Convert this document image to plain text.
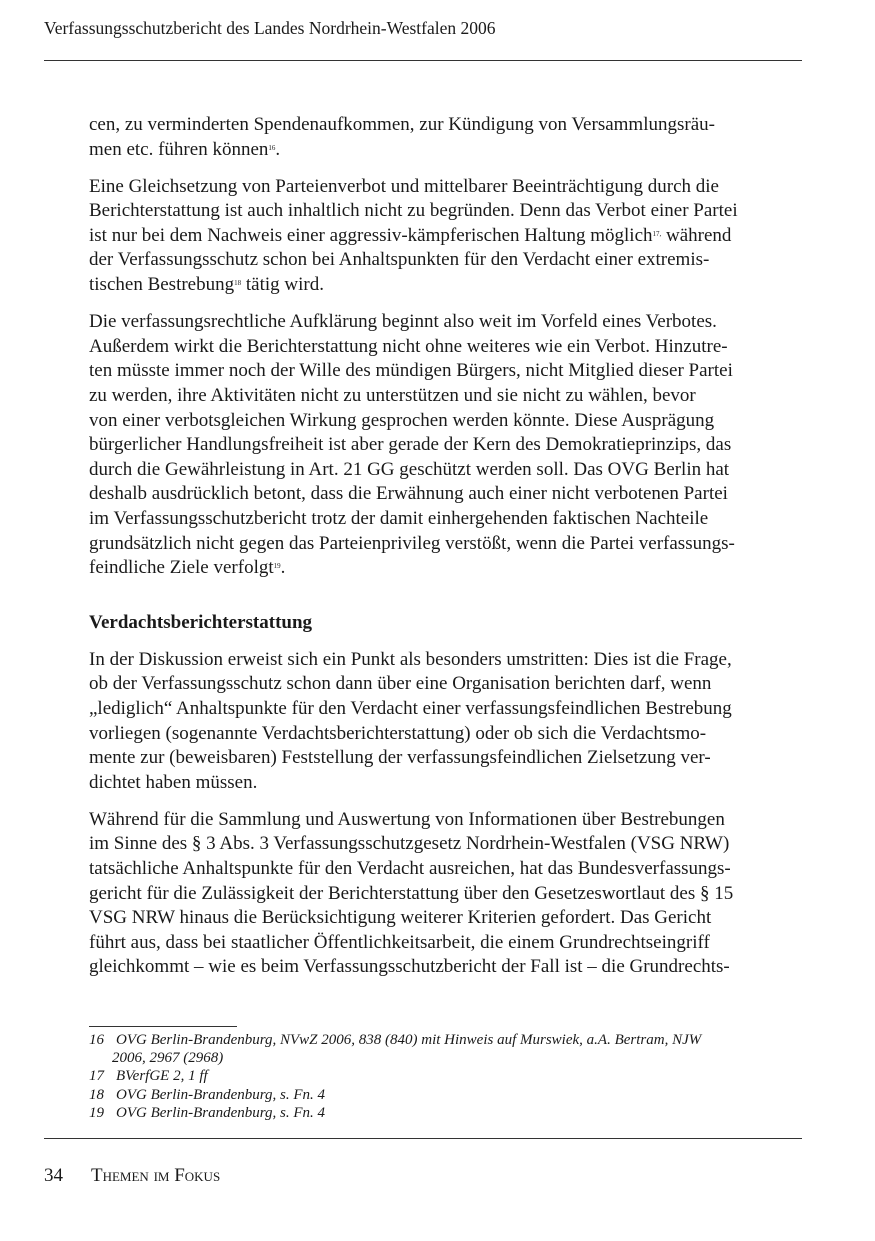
Verfassungsschutzbericht des Landes Nordrhein-Westfalen 2006

cen, zu verminderten Spendenaufkommen, zur Kündigung von Versammlungsräu-
men etc. führen können$^{16}$.

Eine Gleichsetzung von Parteienverbot und mittelbarer Beeinträchtigung durch die
Berichterstattung ist auch inhaltlich nicht zu begründen. Denn das Verbot einer Partei
ist nur bei dem Nachweis einer aggressiv-kämpferischen Haltung möglich$^{17,}$ während
der Verfassungsschutz schon bei Anhaltspunkten für den Verdacht einer extremis-
tischen Bestrebung$^{18}$ tätig wird.

Die verfassungsrechtliche Aufklärung beginnt also weit im Vorfeld eines Verbotes.
Außerdem wirkt die Berichterstattung nicht ohne weiteres wie ein Verbot. Hinzutre-
ten müsste immer noch der Wille des mündigen Bürgers, nicht Mitglied dieser Partei
zu werden, ihre Aktivitäten nicht zu unterstützen und sie nicht zu wählen, bevor
von einer verbotsgleichen Wirkung gesprochen werden könnte. Diese Ausprägung
bürgerlicher Handlungsfreiheit ist aber gerade der Kern des Demokratieprinzips, das
durch die Gewährleistung in Art. 21 GG geschützt werden soll. Das OVG Berlin hat
deshalb ausdrücklich betont, dass die Erwähnung auch einer nicht verbotenen Partei
im Verfassungsschutzbericht trotz der damit einhergehenden faktischen Nachteile
grundsätzlich nicht gegen das Parteienprivileg verstößt, wenn die Partei verfassungs-
feindliche Ziele verfolgt$^{19}$.

Verdachtsberichterstattung

In der Diskussion erweist sich ein Punkt als besonders umstritten: Dies ist die Frage,
ob der Verfassungsschutz schon dann über eine Organisation berichten darf, wenn
„lediglich“ Anhaltspunkte für den Verdacht einer verfassungsfeindlichen Bestrebung
vorliegen (sogenannte Verdachtsberichterstattung) oder ob sich die Verdachtsmo-
mente zur (beweisbaren) Feststellung der verfassungsfeindlichen Zielsetzung ver-
dichtet haben müssen.

Während für die Sammlung und Auswertung von Informationen über Bestrebungen
im Sinne des § 3 Abs. 3 Verfassungsschutzgesetz Nordrhein-Westfalen (VSG NRW)
tatsächliche Anhaltspunkte für den Verdacht ausreichen, hat das Bundesverfassungs-
gericht für die Zulässigkeit der Berichterstattung über den Gesetzeswortlaut des § 15
VSG NRW hinaus die Berücksichtigung weiterer Kriterien gefordert. Das Gericht
führt aus, dass bei staatlicher Öffentlichkeitsarbeit, die einem Grundrechtseingriff
gleichkommt – wie es beim Verfassungsschutzbericht der Fall ist – die Grundrechts-

16 OVG Berlin-Brandenburg, NVwZ 2006, 838 (840) mit Hinweis auf Murswiek, a.A. Bertram, NJW
2006, 2967 (2968)
17 BVerfGE 2, 1 ff
18 OVG Berlin-Brandenburg, s. Fn. 4
19 OVG Berlin-Brandenburg, s. Fn. 4
34 Themen im Fokus
